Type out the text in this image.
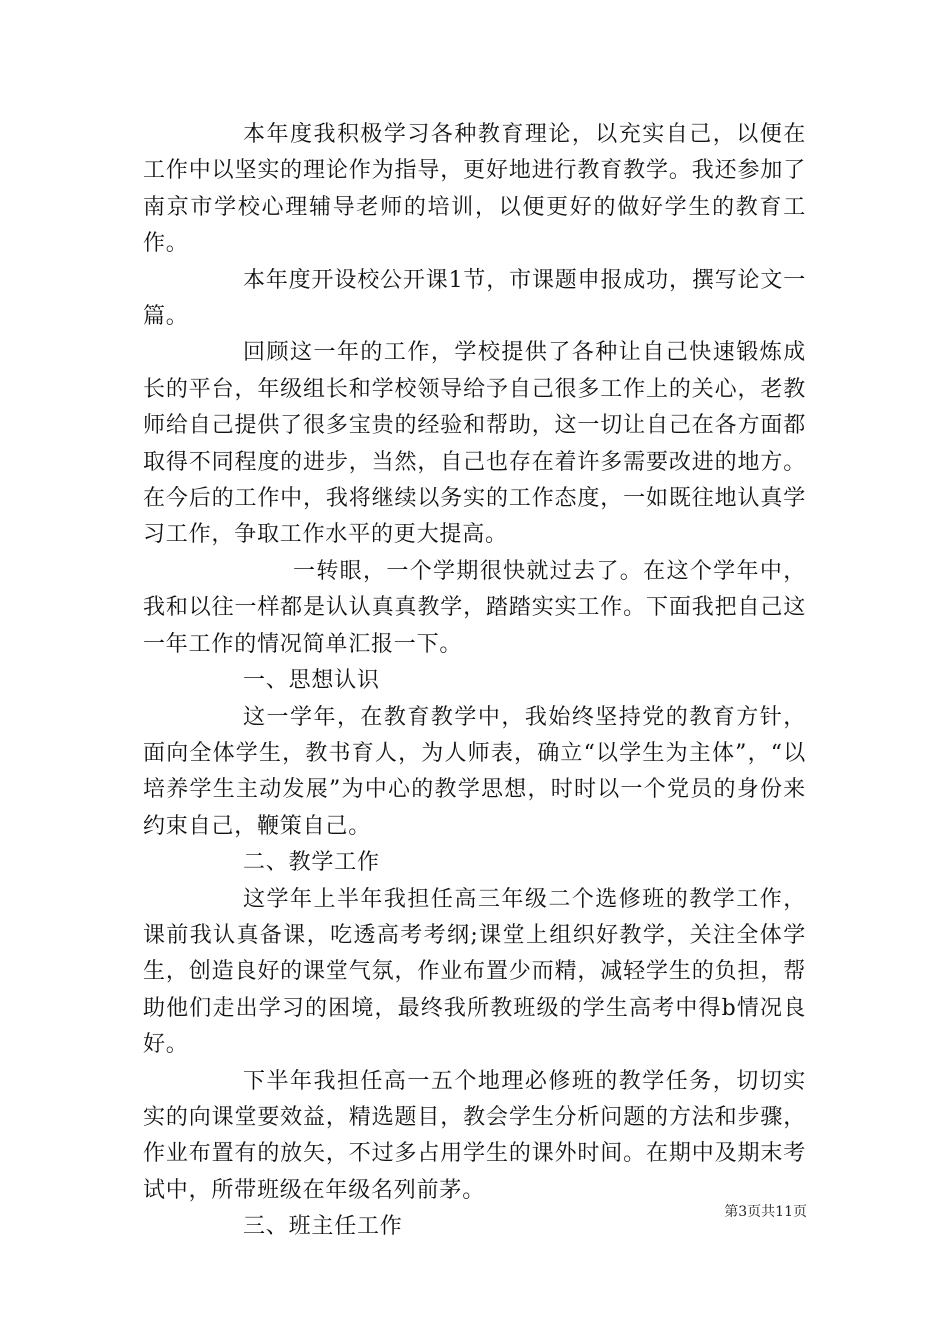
本年度我积极学习各种教育理论，以充实自己，以便在工作中以坚实的理论作为指导，更好地进行教育教学。我还参加了南京市学校心理辅导老师的培训，以便更好的做好学生的教育工作。

本年度开设校公开课1节，市课题申报成功，撰写论文一篇。

回顾这一年的工作，学校提供了各种让自己快速锻炼成长的平台，年级组长和学校领导给予自己很多工作上的关心，老教师给自己提供了很多宝贵的经验和帮助，这一切让自己在各方面都取得不同程度的进步，当然，自己也存在着许多需要改进的地方。在今后的工作中，我将继续以务实的工作态度，一如既往地认真学习工作，争取工作水平的更大提高。

一转眼，一个学期很快就过去了。在这个学年中，我和以往一样都是认认真真教学，踏踏实实工作。下面我把自己这一年工作的情况简单汇报一下。

一、思想认识

这一学年，在教育教学中，我始终坚持党的教育方针，面向全体学生，教书育人，为人师表，确立“以学生为主体”，“以培养学生主动发展”为中心的教学思想，时时以一个党员的身份来约束自己，鞭策自己。

二、教学工作

这学年上半年我担任高三年级二个选修班的教学工作，课前我认真备课，吃透高考考纲;课堂上组织好教学，关注全体学生，创造良好的课堂气氛，作业布置少而精，减轻学生的负担，帮助他们走出学习的困境，最终我所教班级的学生高考中得b情况良好。

下半年我担任高一五个地理必修班的教学任务，切切实实的向课堂要效益，精选题目，教会学生分析问题的方法和步骤，作业布置有的放矢，不过多占用学生的课外时间。在期中及期末考试中，所带班级在年级名列前茅。

三、班主任工作

第3页共11页
